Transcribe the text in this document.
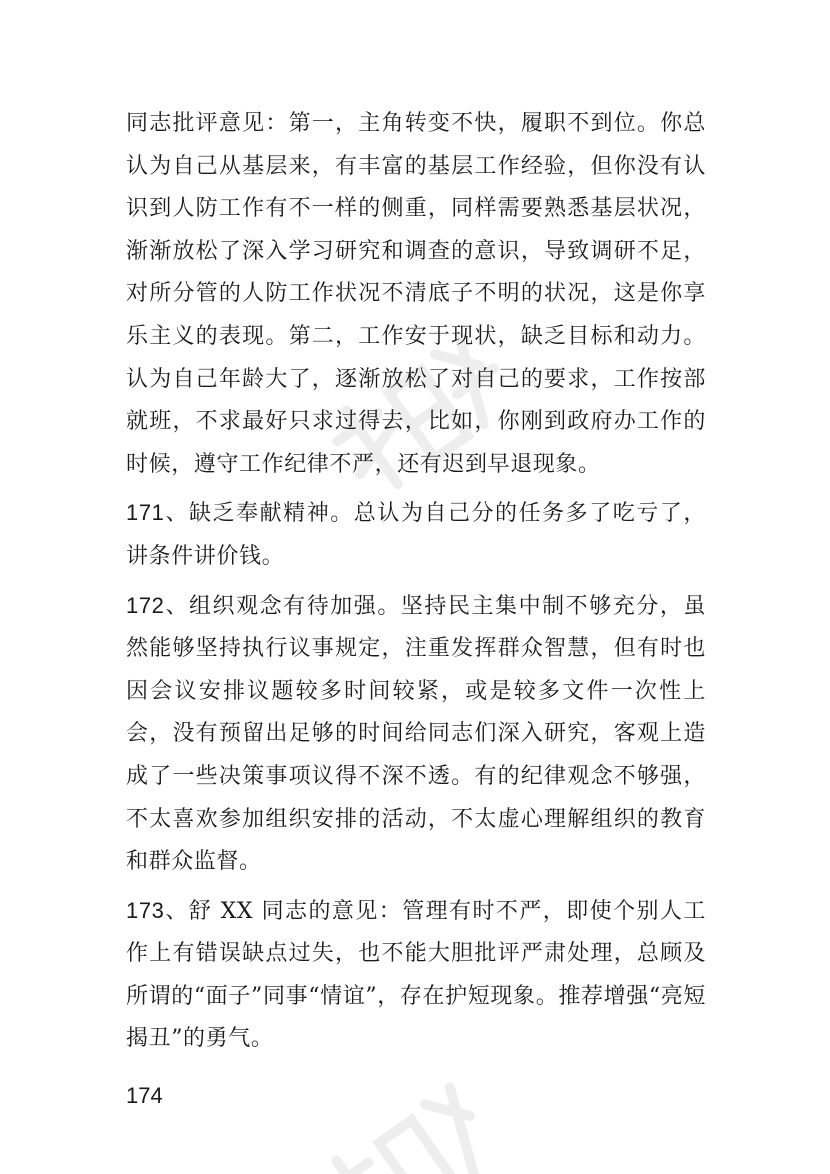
同志批评意见：第一，主角转变不快，履职不到位。你总认为自己从基层来，有丰富的基层工作经验，但你没有认识到人防工作有不一样的侧重，同样需要熟悉基层状况，渐渐放松了深入学习研究和调查的意识，导致调研不足，对所分管的人防工作状况不清底子不明的状况，这是你享乐主义的表现。第二，工作安于现状，缺乏目标和动力。认为自己年龄大了，逐渐放松了对自己的要求，工作按部就班，不求最好只求过得去，比如，你刚到政府办工作的时候，遵守工作纪律不严，还有迟到早退现象。

171、缺乏奉献精神。总认为自己分的任务多了吃亏了，讲条件讲价钱。

172、组织观念有待加强。坚持民主集中制不够充分，虽然能够坚持执行议事规定，注重发挥群众智慧，但有时也因会议安排议题较多时间较紧，或是较多文件一次性上会，没有预留出足够的时间给同志们深入研究，客观上造成了一些决策事项议得不深不透。有的纪律观念不够强，不太喜欢参加组织安排的活动，不太虚心理解组织的教育和群众监督。

173、舒 XX 同志的意见：管理有时不严，即使个别人工作上有错误缺点过失，也不能大胆批评严肃处理，总顾及所谓的“面子”同事“情谊”，存在护短现象。推荐增强“亮短揭丑”的勇气。

174
